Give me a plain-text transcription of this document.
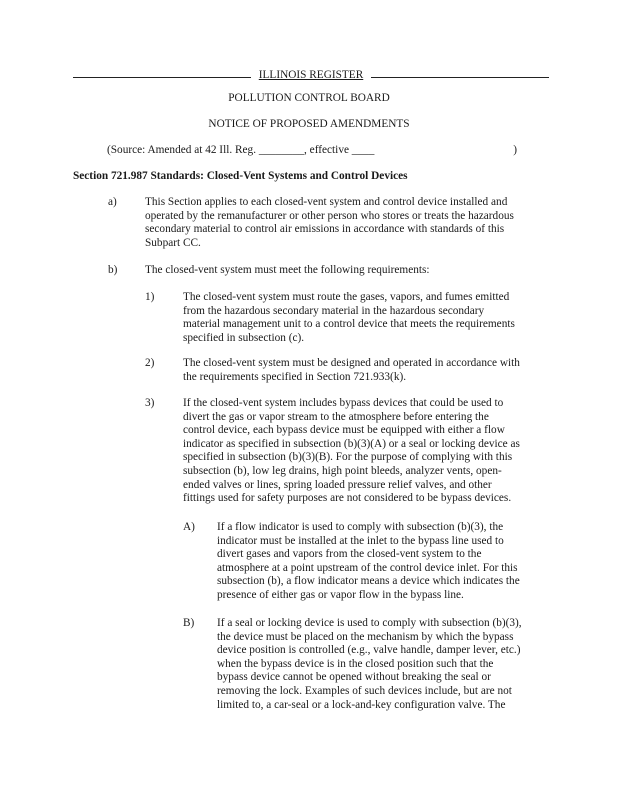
ILLINOIS REGISTER
POLLUTION CONTROL BOARD
NOTICE OF PROPOSED AMENDMENTS
(Source: Amended at 42 Ill. Reg. ________, effective ____	)
Section 721.987 Standards: Closed-Vent Systems and Control Devices
a) This Section applies to each closed-vent system and control device installed and
operated by the remanufacturer or other person who stores or treats the hazardous
secondary material to control air emissions in accordance with standards of this
Subpart CC.
b) The closed-vent system must meet the following requirements:
1)	The closed-vent system must route the gases, vapors, and fumes emitted
from the hazardous secondary material in the hazardous secondary
material management unit to a control device that meets the requirements
specified in subsection (c).
2)	The closed-vent system must be designed and operated in accordance with
the requirements specified in Section 721.933(k).
3)	If the closed-vent system includes bypass devices that could be used to
divert the gas or vapor stream to the atmosphere before entering the
control device, each bypass device must be equipped with either a flow
indicator as specified in subsection (b)(3)(A) or a seal or locking device as
specified in subsection (b)(3)(B). For the purpose of complying with this
subsection (b), low leg drains, high point bleeds, analyzer vents, open-
ended valves or lines, spring loaded pressure relief valves, and other
fittings used for safety purposes are not considered to be bypass devices.
A) If a flow indicator is used to comply with subsection (b)(3), the
indicator must be installed at the inlet to the bypass line used to
divert gases and vapors from the closed-vent system to the
atmosphere at a point upstream of the control device inlet. For this
subsection (b), a flow indicator means a device which indicates the
presence of either gas or vapor flow in the bypass line.
B) If a seal or locking device is used to comply with subsection (b)(3),
the device must be placed on the mechanism by which the bypass
device position is controlled (e.g., valve handle, damper lever, etc.)
when the bypass device is in the closed position such that the
bypass device cannot be opened without breaking the seal or
removing the lock. Examples of such devices include, but are not
limited to, a car-seal or a lock-and-key configuration valve. The
